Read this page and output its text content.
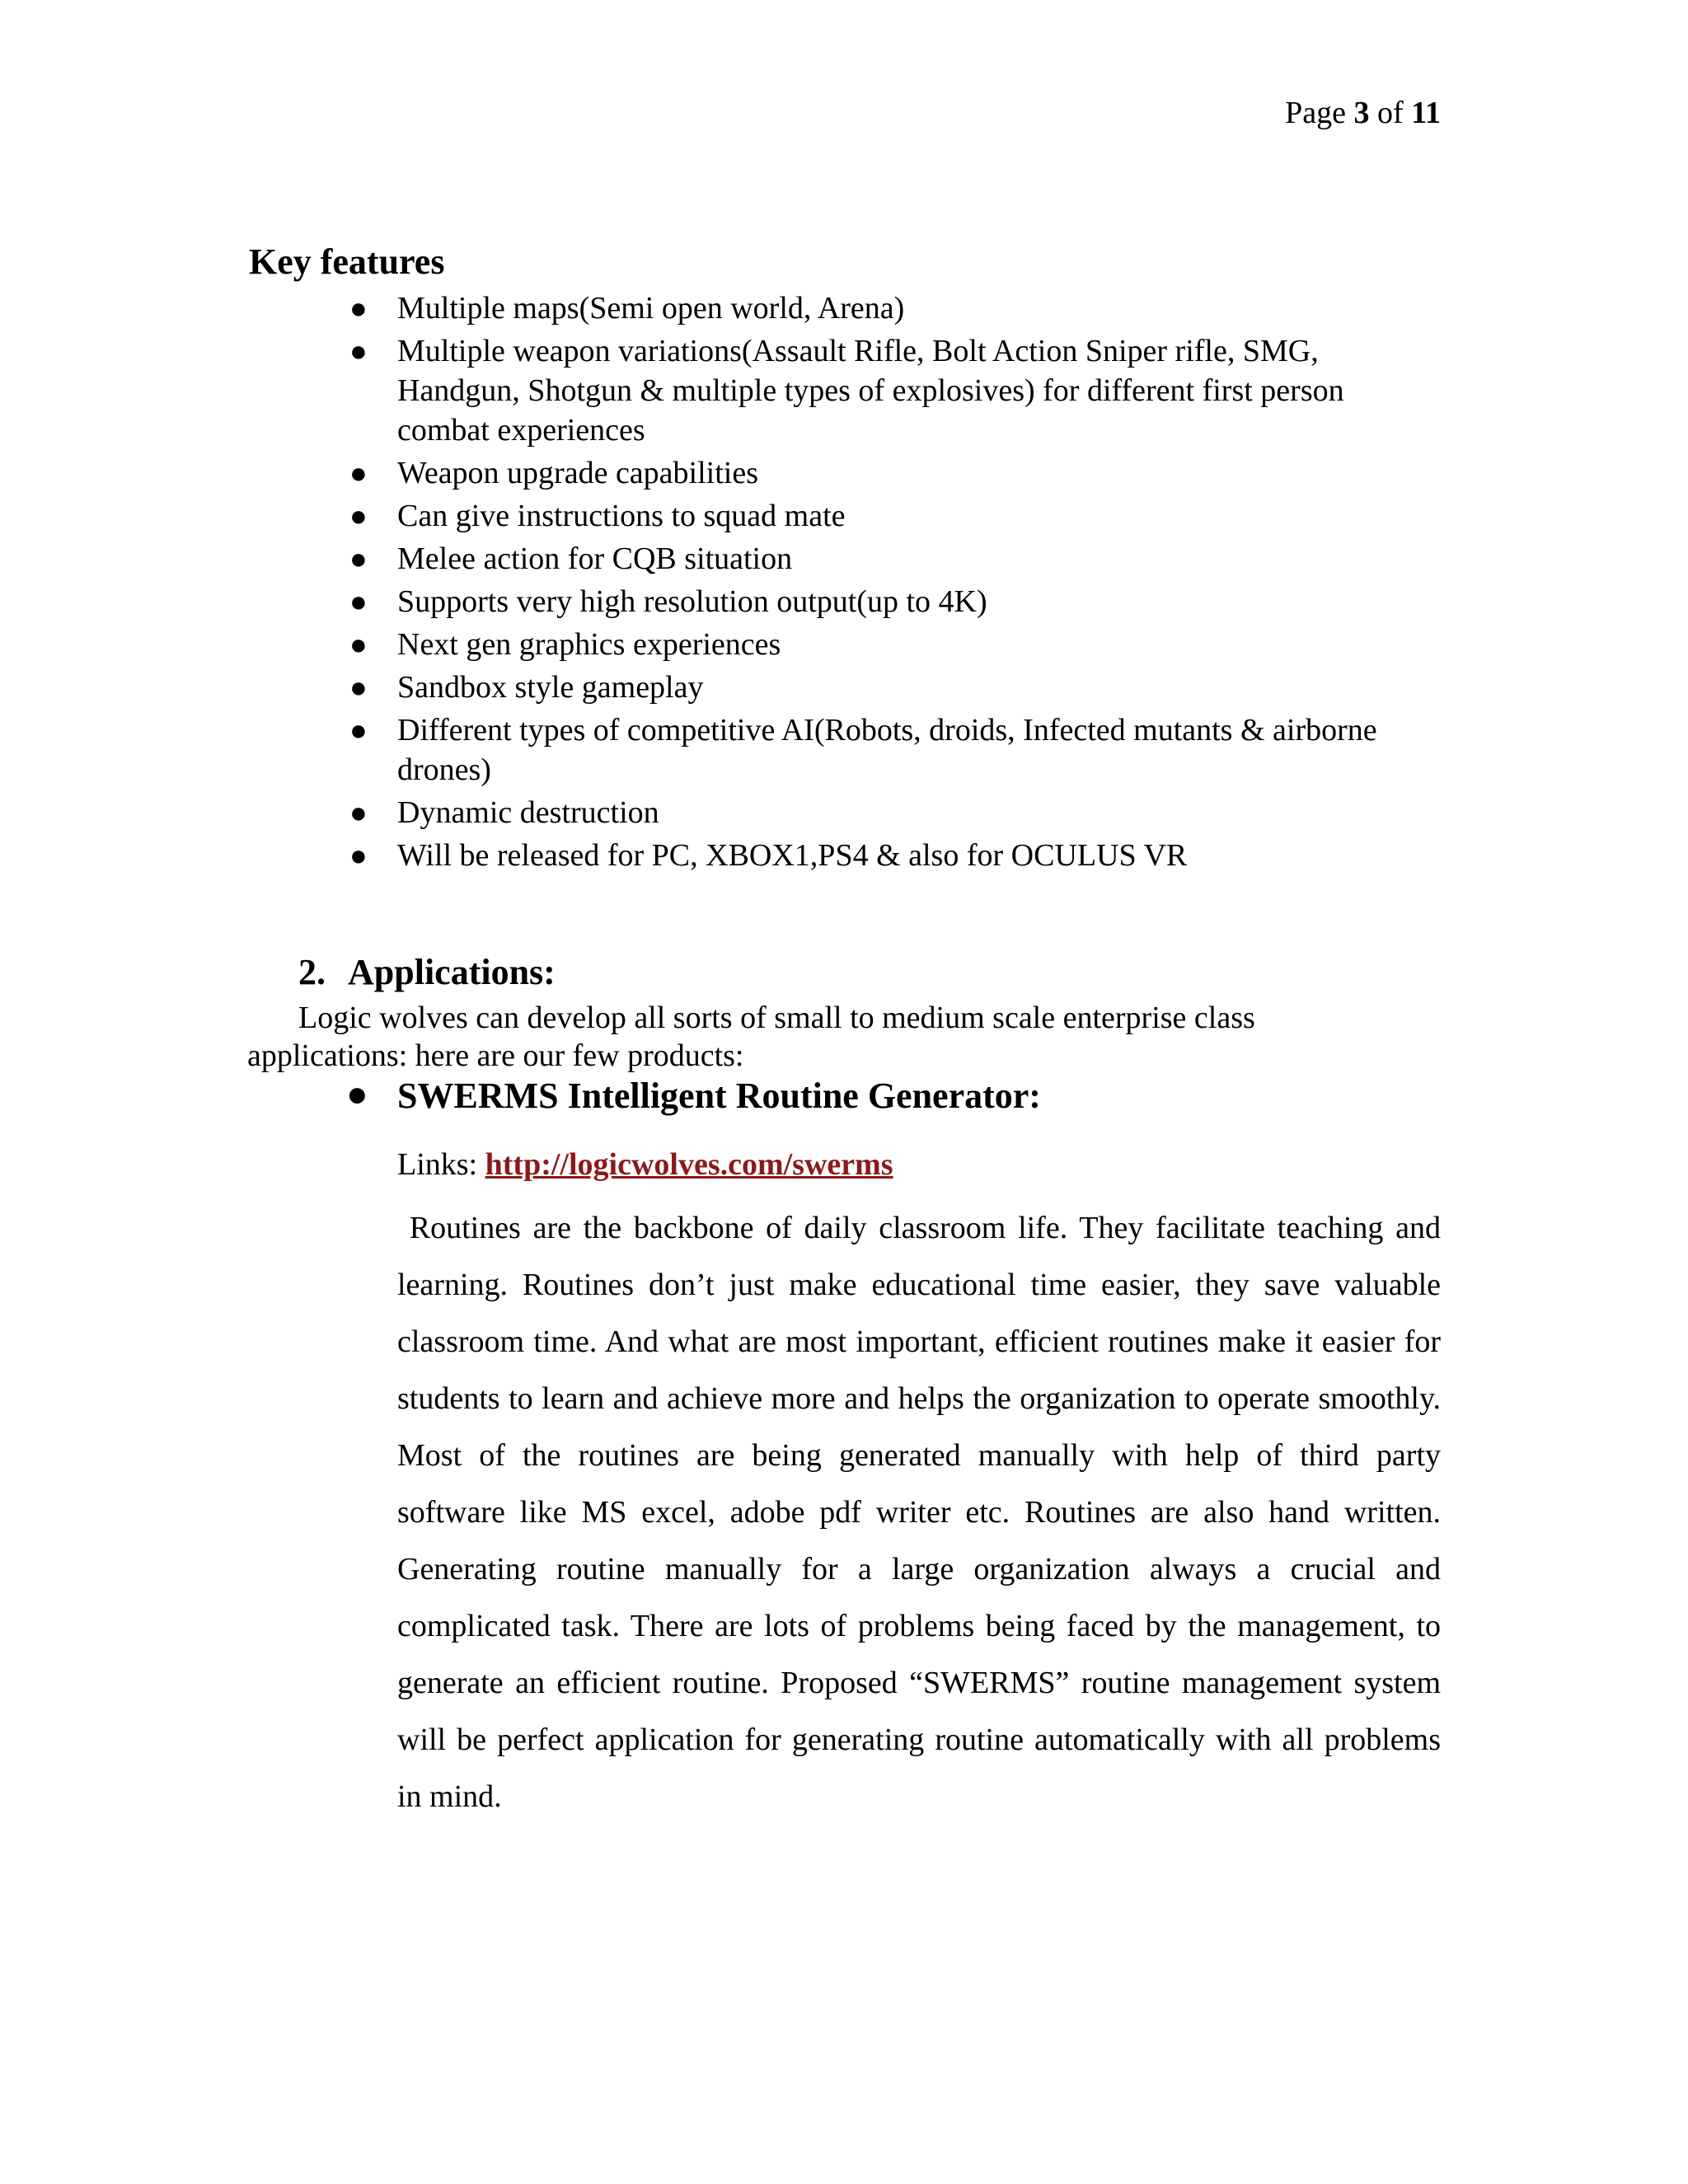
Page 3 of 11
Key features
● Multiple maps(Semi open world, Arena)
● Multiple weapon variations(Assault Rifle, Bolt Action Sniper rifle, SMG, Handgun, Shotgun & multiple types of explosives) for different first person combat experiences
● Weapon upgrade capabilities
● Can give instructions to squad mate
● Melee action for CQB situation
● Supports very high resolution output(up to 4K)
● Next gen graphics experiences
● Sandbox style gameplay
● Different types of competitive AI(Robots, droids, Infected mutants & airborne drones)
● Dynamic destruction
● Will be released for PC, XBOX1,PS4 & also for OCULUS VR
2. Applications:
Logic wolves can develop all sorts of small to medium scale enterprise class applications: here are our few products:
● SWERMS Intelligent Routine Generator:
Links: http://logicwolves.com/swerms

Routines are the backbone of daily classroom life. They facilitate teaching and learning. Routines don’t just make educational time easier, they save valuable classroom time. And what are most important, efficient routines make it easier for students to learn and achieve more and helps the organization to operate smoothly. Most of the routines are being generated manually with help of third party software like MS excel, adobe pdf writer etc. Routines are also hand written. Generating routine manually for a large organization always a crucial and complicated task. There are lots of problems being faced by the management, to generate an efficient routine. Proposed “SWERMS” routine management system will be perfect application for generating routine automatically with all problems in mind.
